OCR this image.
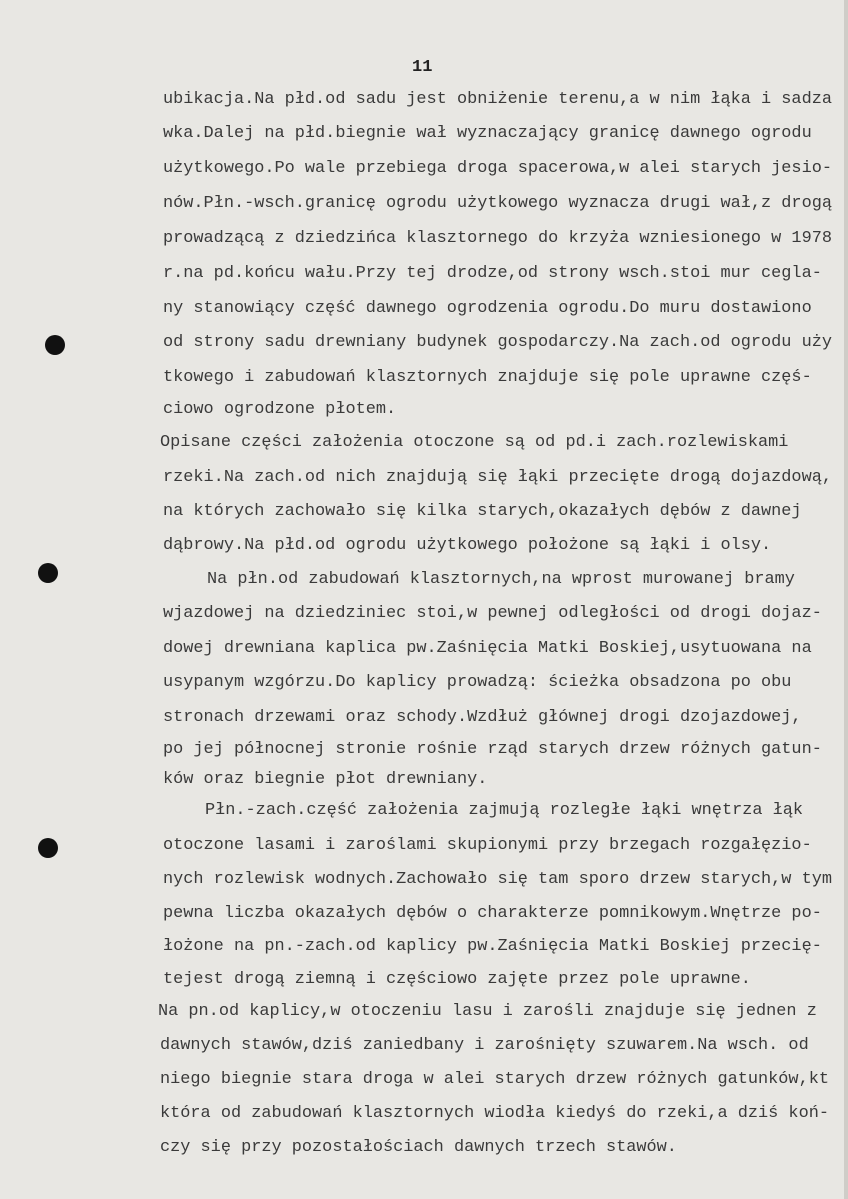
11
ubikacja.Na płd.od sadu jest obniżenie terenu,a w nim łąka i sadza
wka.Dalej na płd.biegnie wał wyznaczający granicę dawnego ogrodu
użytkowego.Po wale przebiega droga spacerowa,w alei starych jesio-
nów.Płn.-wsch.granicę ogrodu użytkowego wyznacza drugi wał,z drogą
prowadzącą z dziedzińca klasztornego do krzyża wzniesionego w 1978
r.na pd.końcu wału.Przy tej drodze,od strony wsch.stoi mur cegla-
ny stanowiący część dawnego ogrodzenia ogrodu.Do muru dostawiono
od strony sadu drewniany budynek gospodarczy.Na zach.od ogrodu uży
tkowego i zabudowań klasztornych znajduje się pole uprawne częś-
ciowo ogrodzone płotem.
Opisane części założenia otoczone są od pd.i zach.rozlewiskami
rzeki.Na zach.od nich znajdują się łąki przecięte drogą dojazdową,
na których zachowało się kilka starych,okazałych dębów z dawnej
dąbrowy.Na płd.od ogrodu użytkowego położone są łąki i olsy.
Na płn.od zabudowań klasztornych,na wprost murowanej bramy
wjazdowej na dziedziniec stoi,w pewnej odległości od drogi dojaz-
dowej drewniana kaplica pw.Zaśnięcia Matki Boskiej,usytuowana na
usypanym wzgórzu.Do kaplicy prowadzą: ścieżka obsadzona po obu
stronach drzewami oraz schody.Wzdłuż głównej drogi dzojazdowej,
po jej północnej stronie rośnie rząd starych drzew różnych gatun-
ków oraz biegnie płot drewniany.
Płn.-zach.część założenia zajmują rozległe łąki wnętrza łąk
otoczone lasami i zaroślami skupionymi przy brzegach rozgałęzio-
nych rozlewisk wodnych.Zachowało się tam sporo drzew starych,w tym
pewna liczba okazałych dębów o charakterze pomnikowym.Wnętrze po-
łożone na pn.-zach.od kaplicy pw.Zaśnięcia Matki Boskiej przecię-
tejest drogą ziemną i częściowo zajęte przez pole uprawne.
Na pn.od kaplicy,w otoczeniu lasu i zarośli znajduje się jednen z
dawnych stawów,dziś zaniedbany i zarośnięty szuwarem.Na wsch. od
niego biegnie stara droga w alei starych drzew różnych gatunków,kt
która od zabudowań klasztornych wiodła kiedyś do rzeki,a dziś koń-
czy się przy pozostałościach dawnych trzech stawów.
